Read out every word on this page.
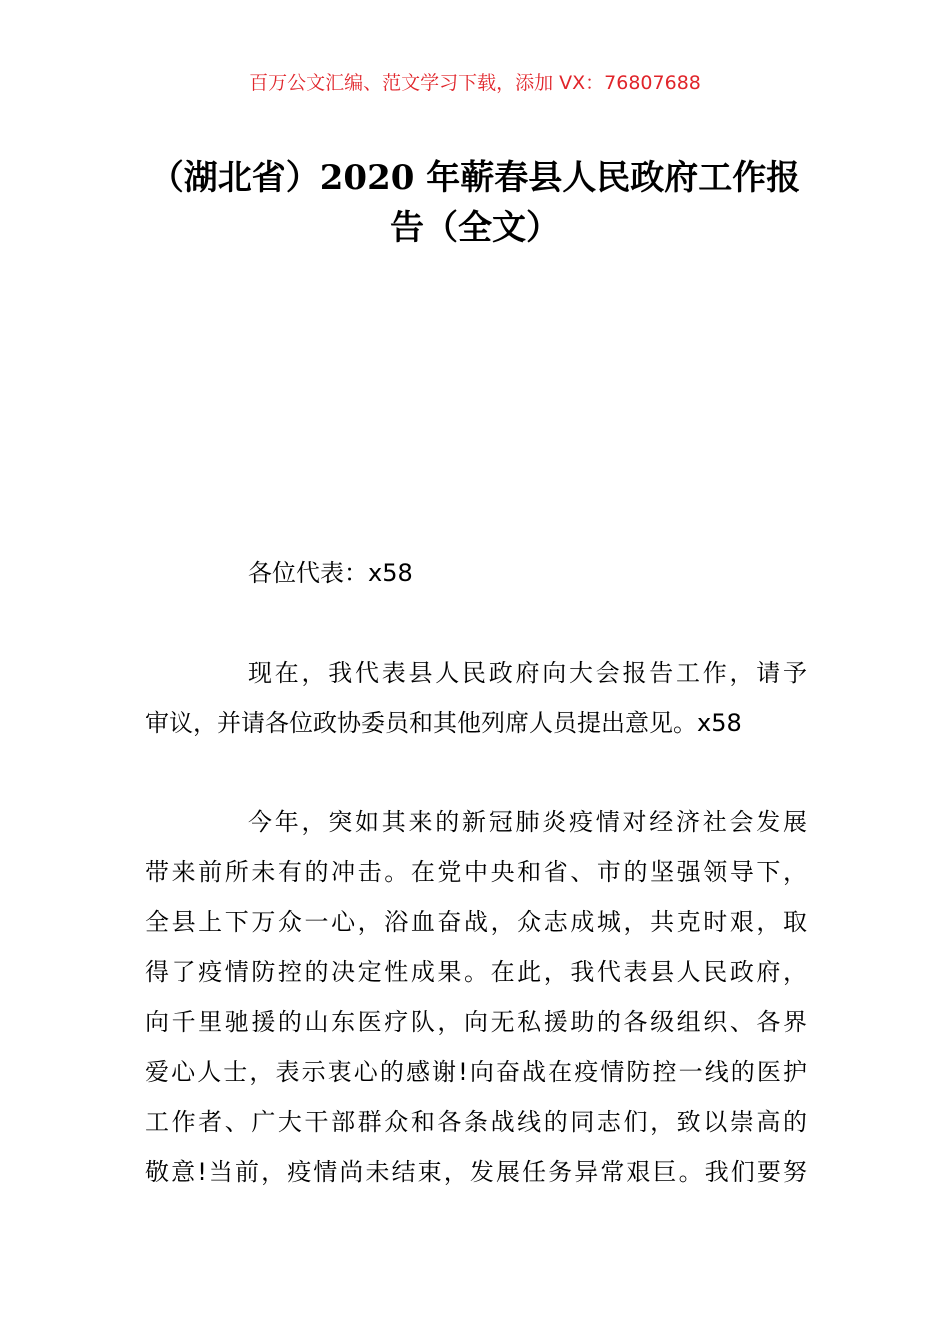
百万公文汇编、范文学习下载，添加 VX：76807688
（湖北省）2020 年蕲春县人民政府工作报
告（全文）
各位代表：x58
现在，我代表县人民政府向大会报告工作，请予
审议，并请各位政协委员和其他列席人员提出意见。x58
今年，突如其来的新冠肺炎疫情对经济社会发展
带来前所未有的冲击。在党中央和省、市的坚强领导下，
全县上下万众一心，浴血奋战，众志成城，共克时艰，取
得了疫情防控的决定性成果。在此，我代表县人民政府，
向千里驰援的山东医疗队，向无私援助的各级组织、各界
爱心人士，表示衷心的感谢!向奋战在疫情防控一线的医护
工作者、广大干部群众和各条战线的同志们，致以崇高的
敬意!当前，疫情尚未结束，发展任务异常艰巨。我们要努
